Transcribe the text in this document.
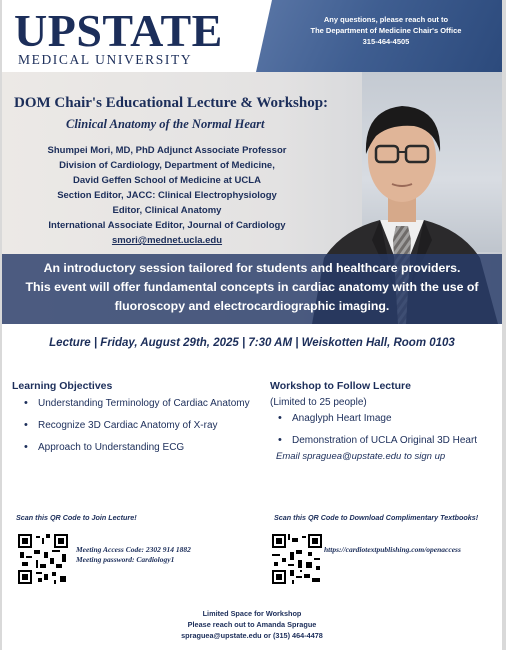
UPSTATE
MEDICAL UNIVERSITY
Any questions, please reach out to
The Department of Medicine Chair's Office
315-464-4505
DOM Chair's Educational Lecture & Workshop:
Clinical Anatomy of the Normal Heart
Shumpei Mori, MD, PhD Adjunct Associate Professor
Division of Cardiology, Department of Medicine,
David Geffen School of Medicine at UCLA
Section Editor, JACC: Clinical Electrophysiology
Editor, Clinical Anatomy
International Associate Editor, Journal of Cardiology
smori@mednet.ucla.edu
An introductory session tailored for students and healthcare providers.
This event will offer fundamental concepts in cardiac anatomy with the use of
fluoroscopy and electrocardiographic imaging.
Lecture | Friday, August 29th, 2025 | 7:30 AM | Weiskotten Hall, Room 0103
Learning Objectives
• Understanding Terminology of Cardiac Anatomy
• Recognize 3D Cardiac Anatomy of X-ray
• Approach to Understanding ECG
Workshop to Follow Lecture
(Limited to 25 people)
• Anaglyph Heart Image
• Demonstration of UCLA Original 3D Heart
Email spraguea@upstate.edu to sign up
Scan this QR Code to Join Lecture!
Meeting Access Code: 2302 914 1882
Meeting password: Cardiology1
Scan this QR Code to Download Complimentary Textbooks!
https://cardiotextpublishing.com/openaccess
Limited Space for Workshop
Please reach out to Amanda Sprague
spraguea@upstate.edu or (315) 464-4478
